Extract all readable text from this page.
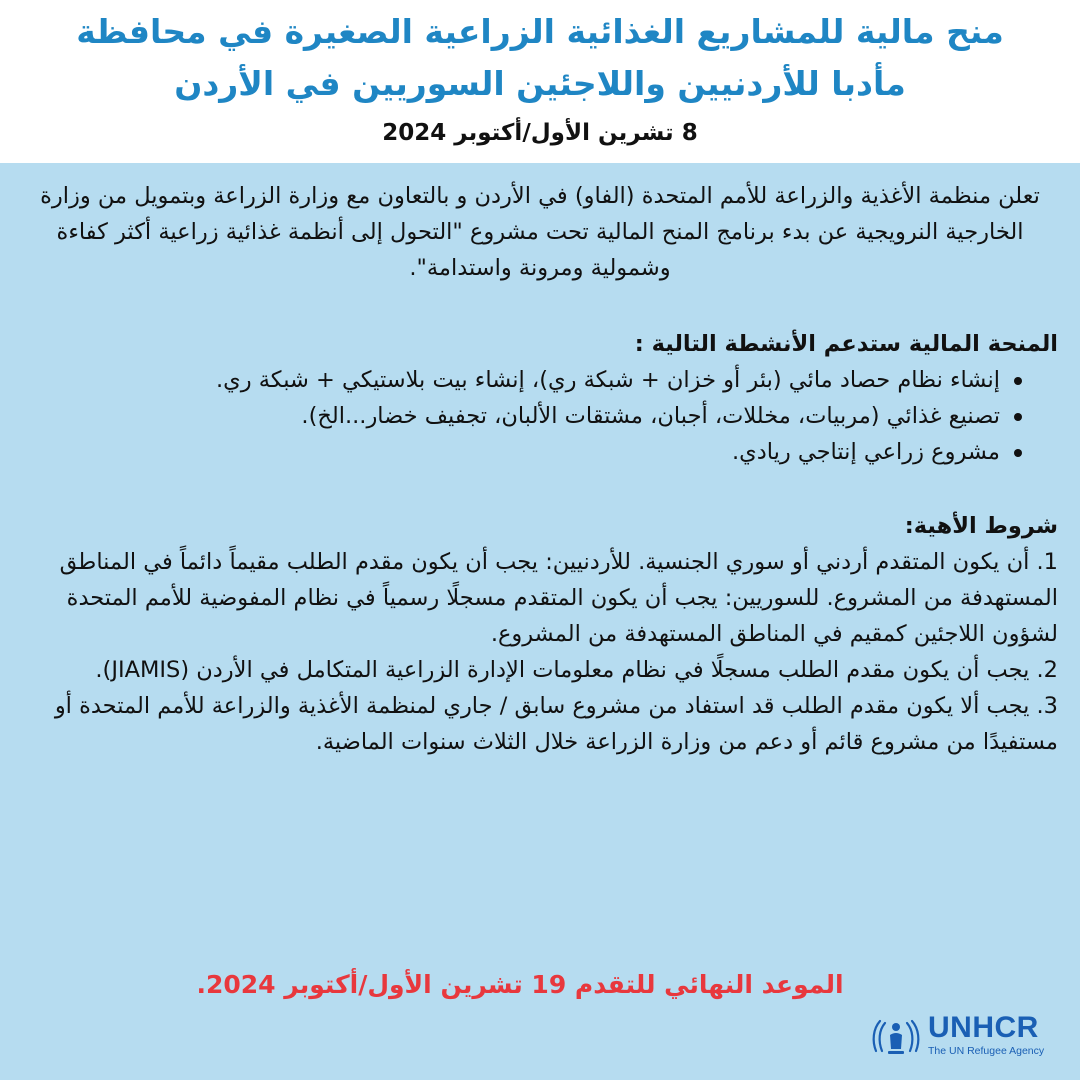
منح مالية للمشاريع الغذائية الزراعية الصغيرة في محافظة
مأدبا للأردنيين واللاجئين السوريين في الأردن
8 تشرين الأول/أكتوبر 2024

تعلن منظمة الأغذية والزراعة للأمم المتحدة (الفاو) في الأردن و بالتعاون مع وزارة الزراعة وبتمويل من وزارة الخارجية النرويجية عن بدء برنامج المنح المالية تحت مشروع "التحول إلى أنظمة غذائية زراعية أكثر كفاءة وشمولية ومرونة واستدامة".

المنحة المالية ستدعم الأنشطة التالية :

إنشاء نظام حصاد مائي (بئر أو خزان + شبكة ري)، إنشاء بيت بلاستيكي + شبكة ري.
تصنيع غذائي (مربيات، مخللات، أجبان، مشتقات الألبان، تجفيف خضار...الخ).
مشروع زراعي إنتاجي ريادي.

شروط الأهية:

1. أن يكون المتقدم أردني أو سوري الجنسية. للأردنيين: يجب أن يكون مقدم الطلب مقيماً دائماً في المناطق المستهدفة من المشروع. للسوريين: يجب أن يكون المتقدم مسجلًا رسمياً في نظام المفوضية للأمم المتحدة لشؤون اللاجئين كمقيم في المناطق المستهدفة من المشروع.

2. يجب أن يكون مقدم الطلب مسجلًا في نظام معلومات الإدارة الزراعية المتكامل في الأردن (JIAMIS).

3. يجب ألا يكون مقدم الطلب قد استفاد من مشروع سابق / جاري لمنظمة الأغذية والزراعة للأمم المتحدة أو مستفيدًا من مشروع قائم أو دعم من وزارة الزراعة خلال الثلاث سنوات الماضية.

الموعد النهائي للتقدم 19 تشرين الأول/أكتوبر 2024.
UNHCR
The UN Refugee Agency
